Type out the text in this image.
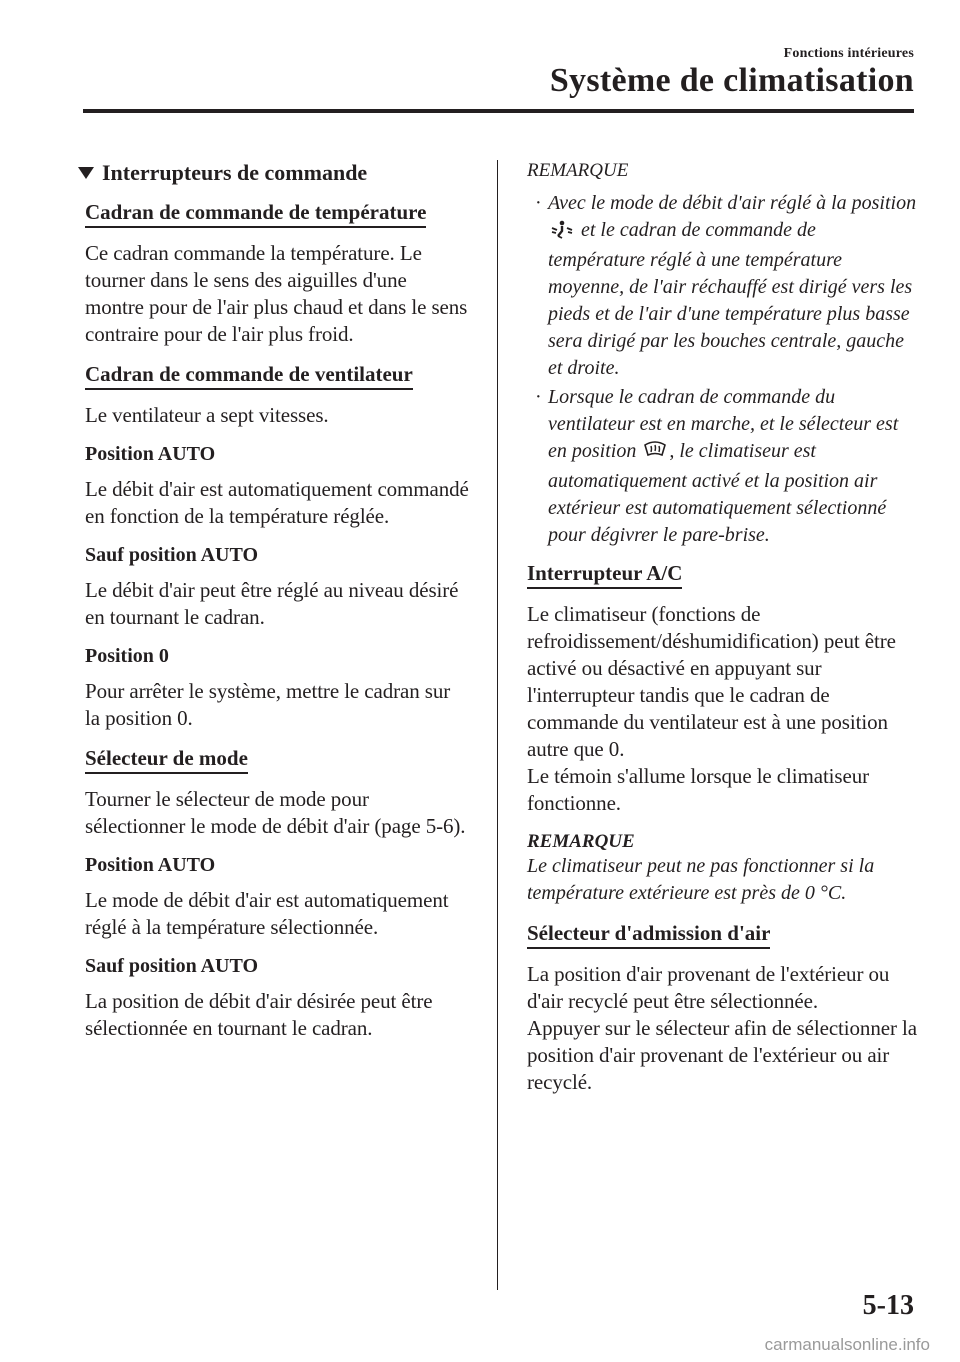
Fonctions intérieures
Système de climatisation
Interrupteurs de commande
Cadran de commande de température

Ce cadran commande la température. Le tourner dans le sens des aiguilles d'une montre pour de l'air plus chaud et dans le sens contraire pour de l'air plus froid.

Cadran de commande de ventilateur

Le ventilateur a sept vitesses.

Position AUTO

Le débit d'air est automatiquement commandé en fonction de la température réglée.

Sauf position AUTO

Le débit d'air peut être réglé au niveau désiré en tournant le cadran.

Position 0

Pour arrêter le système, mettre le cadran sur la position 0.

Sélecteur de mode

Tourner le sélecteur de mode pour sélectionner le mode de débit d'air (page 5-6).

Position AUTO

Le mode de débit d'air est automatiquement réglé à la température sélectionnée.

Sauf position AUTO

La position de débit d'air désirée peut être sélectionnée en tournant le cadran.

REMARQUE
· Avec le mode de débit d'air réglé à la position  et le cadran de commande de température réglé à une température moyenne, de l'air réchauffé est dirigé vers les pieds et de l'air d'une température plus basse sera dirigé par les bouches centrale, gauche et droite.
· Lorsque le cadran de commande du ventilateur est en marche, et le sélecteur est en position , le climatiseur est automatiquement activé et la position air extérieur est automatiquement sélectionné pour dégivrer le pare-brise.
Interrupteur A/C

Le climatiseur (fonctions de refroidissement/déshumidification) peut être activé ou désactivé en appuyant sur l'interrupteur tandis que le cadran de commande du ventilateur est à une position autre que 0.

Le témoin s'allume lorsque le climatiseur fonctionne.

REMARQUE

Le climatiseur peut ne pas fonctionner si la température extérieure est près de 0 °C.

Sélecteur d'admission d'air

La position d'air provenant de l'extérieur ou d'air recyclé peut être sélectionnée.

Appuyer sur le sélecteur afin de sélectionner la position d'air provenant de l'extérieur ou air recyclé.

5-13
carmanualsonline.info
